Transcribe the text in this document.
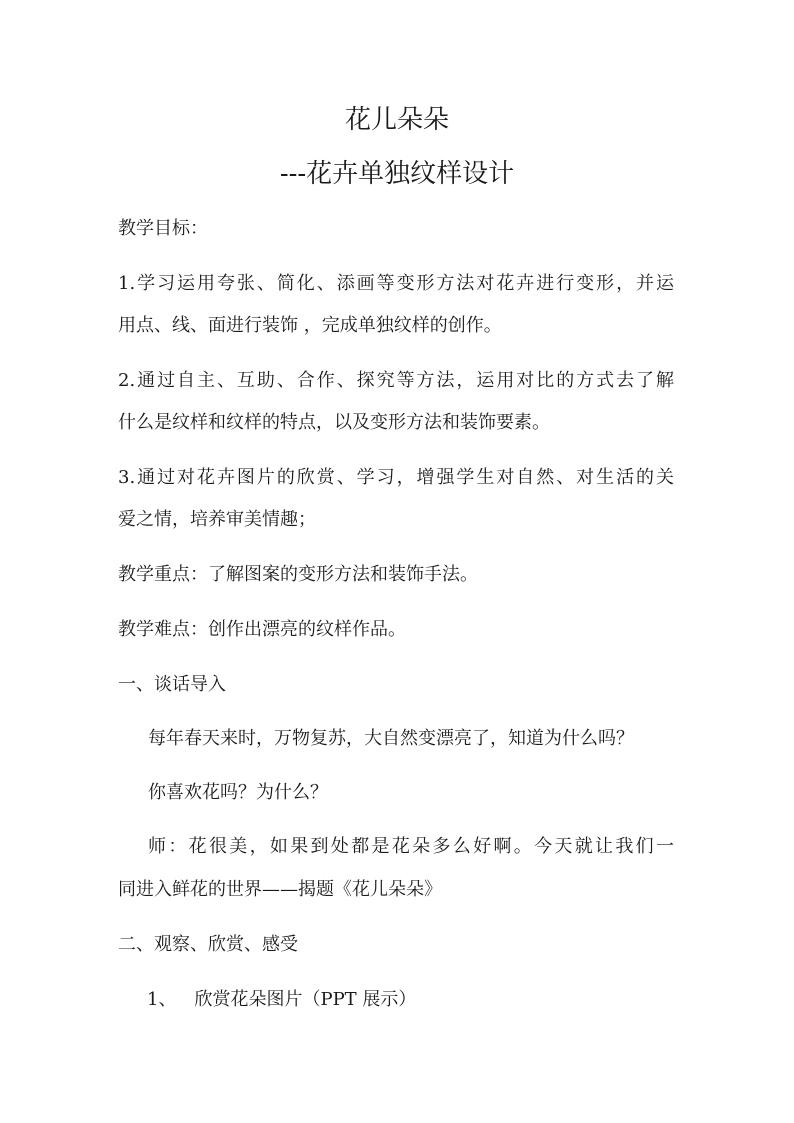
花儿朵朵
---花卉单独纹样设计
教学目标：
1.学习运用夸张、简化、添画等变形方法对花卉进行变形，并运
用点、线、面进行装饰 ，完成单独纹样的创作。
2.通过自主、互助、合作、探究等方法，运用对比的方式去了解
什么是纹样和纹样的特点，以及变形方法和装饰要素。
3.通过对花卉图片的欣赏、学习，增强学生对自然、对生活的关
爱之情，培养审美情趣；
教学重点：了解图案的变形方法和装饰手法。
教学难点：创作出漂亮的纹样作品。
一、谈话导入
每年春天来时，万物复苏，大自然变漂亮了，知道为什么吗？
你喜欢花吗？为什么？
师：花很美，如果到处都是花朵多么好啊。今天就让我们一
同进入鲜花的世界——揭题《花儿朵朵》
二、观察、欣赏、感受
1、 欣赏花朵图片（PPT 展示）
